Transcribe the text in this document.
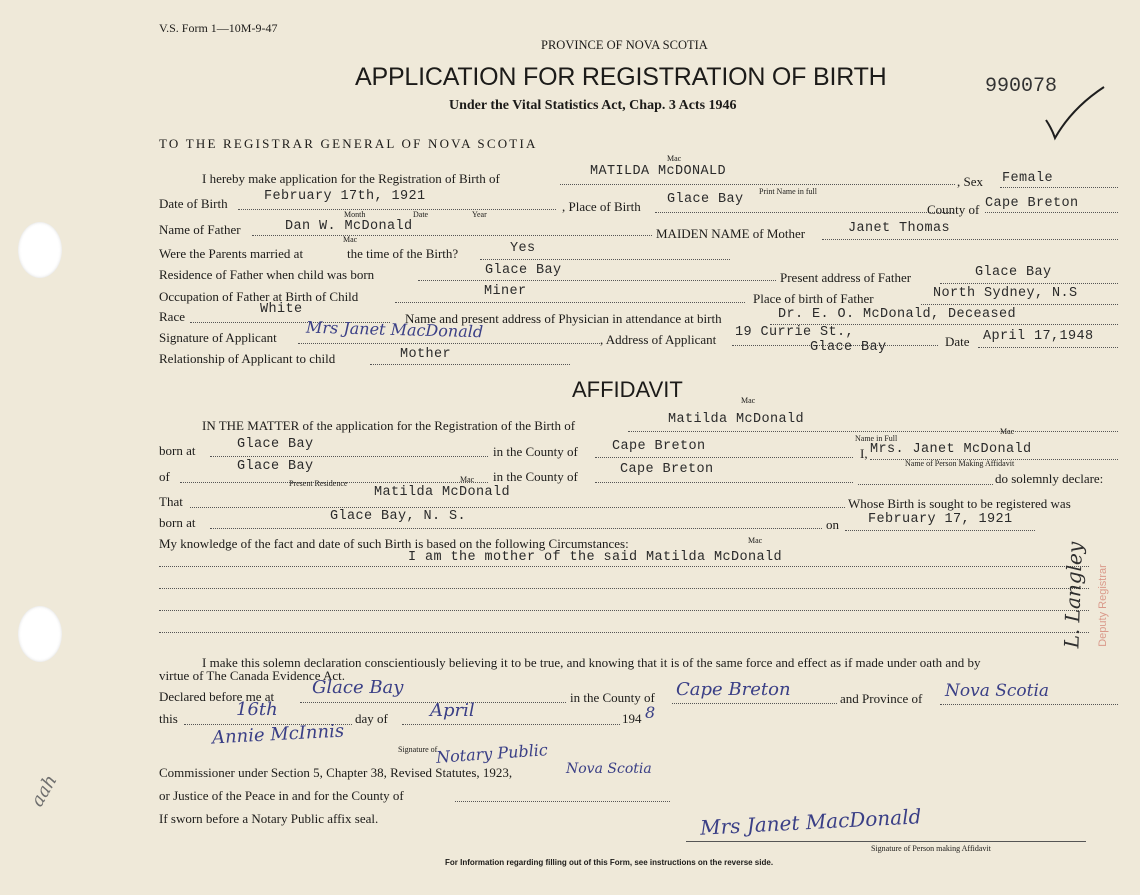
V.S. Form 1—10M-9-47
PROVINCE OF NOVA SCOTIA
APPLICATION FOR REGISTRATION OF BIRTH
Under the Vital Statistics Act, Chap. 3 Acts 1946
990078
TO THE REGISTRAR GENERAL OF NOVA SCOTIA
I hereby make application for the Registration of Birth of
Mac
MATILDA McDONALD
, Sex Female
Date of Birth	February 17th, 1921
Month	Date	Year
, Place of Birth Glace Bay
Print Name in full
County of Cape Breton
Name of Father	Dan W. McDonald	MAIDEN NAME of Mother	Janet Thomas
Were the Parents married at
Mac
the time of the Birth?	Yes
Residence of Father when child was born	Glace Bay	Present address of Father	Glace Bay
Occupation of Father at Birth of Child	Miner	Place of birth of Father	North Sydney, N.S
Race	White
Name and present address of Physician in attendance at birth	Dr. E. O. McDonald, Deceased
Signature of Applicant Mrs Janet MacDonald	, Address of Applicant 19 Currie St.,
Glace Bay	Date April 17,1948
Relationship of Applicant to child	Mother
AFFIDAVIT	Mac
IN THE MATTER of the application for the Registration of the Birth of	Matilda McDonald
born at	Glace Bay	in the County of	Cape Breton
Name in Full
I,
Mac
Mrs. Janet McDonald
of
Glace Bay
in the County of	Cape Breton	Name of Person Making Affidavit
do solemnly declare:
Present Residence	Mac
That
Matilda McDonald
Whose Birth is sought to be registered was
born at	Glace Bay, N. S.
on February 17, 1921
My knowledge of the fact and date of such Birth is based on the following Circumstances:	Mac
I am the mother of the said Matilda McDonald
I make this solemn declaration conscientiously believing it to be true, and knowing that it is of the same force and effect as if made under oath and by
virtue of The Canada Evidence Act.
Declared before me at Glace Bay	in the County of Cape Breton	and Province of Nova Scotia
this	16th	day of April	194 8
Annie McInnis
Signature of
Notary Public
Commissioner under Section 5, Chapter 38, Revised Statutes, 1923,	Nova Scotia
or Justice of the Peace in and for the County of
If sworn before a Notary Public affix seal.	Mrs Janet MacDonald
Signature of Person making Affidavit
For Information regarding filling out of this Form, see instructions on the reverse side.
aah
L. Langley Deputy Registrar
